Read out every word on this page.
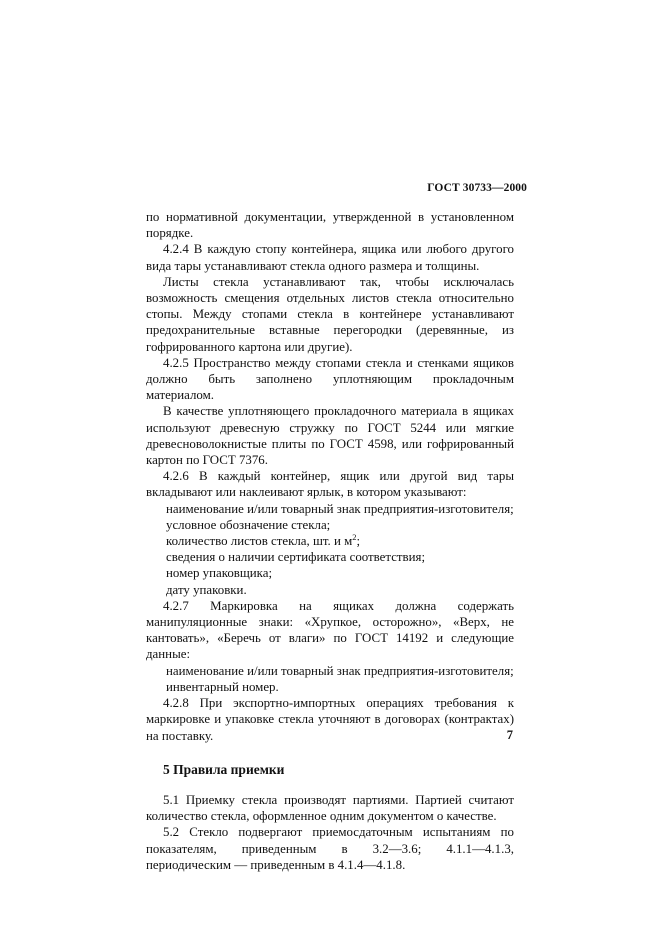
ГОСТ 30733—2000

по нормативной документации, утвержденной в установленном порядке.

4.2.4 В каждую стопу контейнера, ящика или любого другого вида тары устанавливают стекла одного размера и толщины.

Листы стекла устанавливают так, чтобы исключалась возможность смещения отдельных листов стекла относительно стопы. Между стопами стекла в контейнере устанавливают предохранительные вставные перегородки (деревянные, из гофрированного картона или другие).

4.2.5 Пространство между стопами стекла и стенками ящиков должно быть заполнено уплотняющим прокладочным материалом.

В качестве уплотняющего прокладочного материала в ящиках используют древесную стружку по ГОСТ 5244 или мягкие древесноволокнистые плиты по ГОСТ 4598, или гофрированный картон по ГОСТ 7376.

4.2.6 В каждый контейнер, ящик или другой вид тары вкладывают или наклеивают ярлык, в котором указывают:

наименование и/или товарный знак предприятия-изготовителя;

условное обозначение стекла;

количество листов стекла, шт. и $м^2$;

сведения о наличии сертификата соответствия;

номер упаковщика;

дату упаковки.

4.2.7 Маркировка на ящиках должна содержать манипуляционные знаки: «Хрупкое, осторожно», «Верх, не кантовать», «Беречь от влаги» по ГОСТ 14192 и следующие данные:

наименование и/или товарный знак предприятия-изготовителя;

инвентарный номер.

4.2.8 При экспортно-импортных операциях требования к маркировке и упаковке стекла уточняют в договорах (контрактах) на поставку.

5 Правила приемки

5.1 Приемку стекла производят партиями. Партией считают количество стекла, оформленное одним документом о качестве.

5.2 Стекло подвергают приемосдаточным испытаниям по показателям, приведенным в 3.2—3.6; 4.1.1—4.1.3, периодическим — приведенным в 4.1.4—4.1.8.

7
